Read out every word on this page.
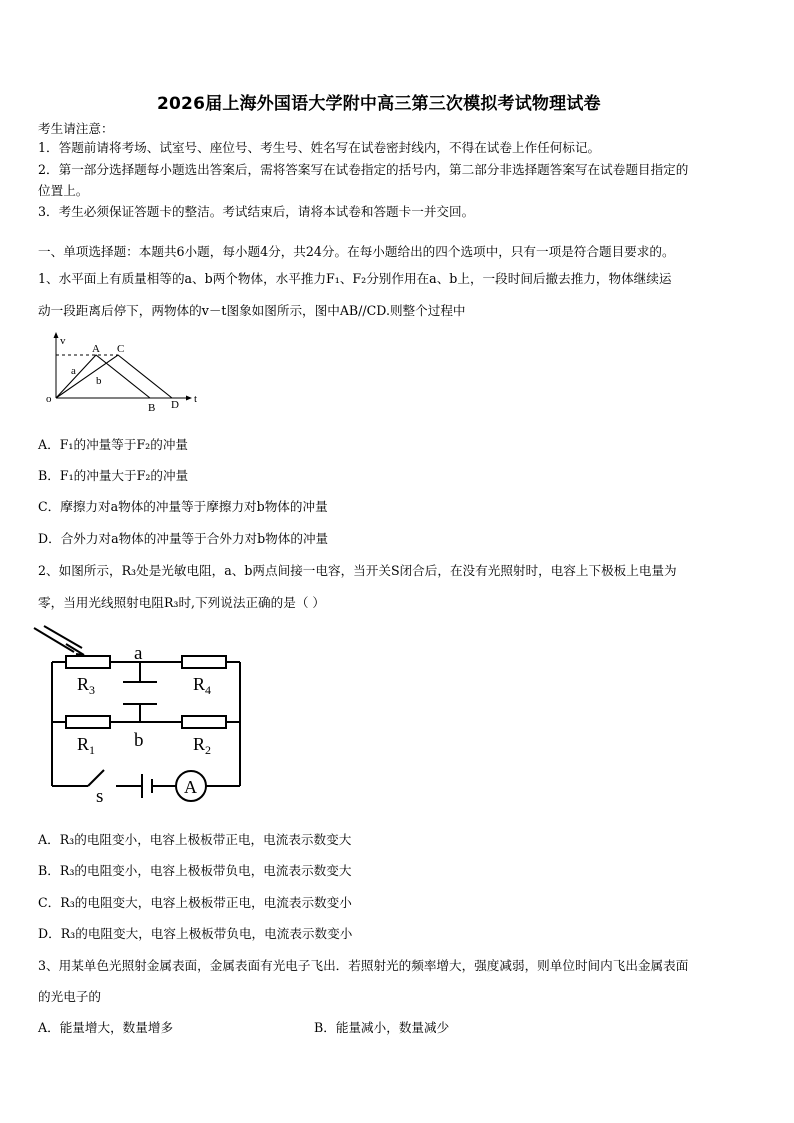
2026届上海外国语大学附中高三第三次模拟考试物理试卷
考生请注意：
1．答题前请将考场、试室号、座位号、考生号、姓名写在试卷密封线内，不得在试卷上作任何标记。
2．第一部分选择题每小题选出答案后，需将答案写在试卷指定的括号内，第二部分非选择题答案写在试卷题目指定的
位置上。
3．考生必须保证答题卡的整洁。考试结束后，请将本试卷和答题卡一并交回。
一、单项选择题：本题共6小题，每小题4分，共24分。在每小题给出的四个选项中，只有一项是符合题目要求的。
1、水平面上有质量相等的a、b两个物体，水平推力F₁、F₂分别作用在a、b上，一段时间后撤去推力，物体继续运
动一段距离后停下，两物体的v－t图象如图所示，图中AB//CD.则整个过程中
v
o
A C
a
b
B D t
A．F₁的冲量等于F₂的冲量
B．F₁的冲量大于F₂的冲量
C．摩擦力对a物体的冲量等于摩擦力对b物体的冲量
D．合外力对a物体的冲量等于合外力对b物体的冲量
2、如图所示，R₃处是光敏电阻，a、b两点间接一电容，当开关S闭合后，在没有光照射时，电容上下极板上电量为
零，当用光线照射电阻R₃时,下列说法正确的是（ ）
a
b
$R_3$	$R_4$
$R_1$	$R_2$
s	A
A．R₃的电阻变小，电容上极板带正电，电流表示数变大
B．R₃的电阻变小，电容上极板带负电，电流表示数变大
C．R₃的电阻变大，电容上极板带正电，电流表示数变小
D．R₃的电阻变大，电容上极板带负电，电流表示数变小
3、用某单色光照射金属表面，金属表面有光电子飞出．若照射光的频率增大，强度减弱，则单位时间内飞出金属表面
的光电子的
A．能量增大，数量增多	B．能量减小，数量减少
